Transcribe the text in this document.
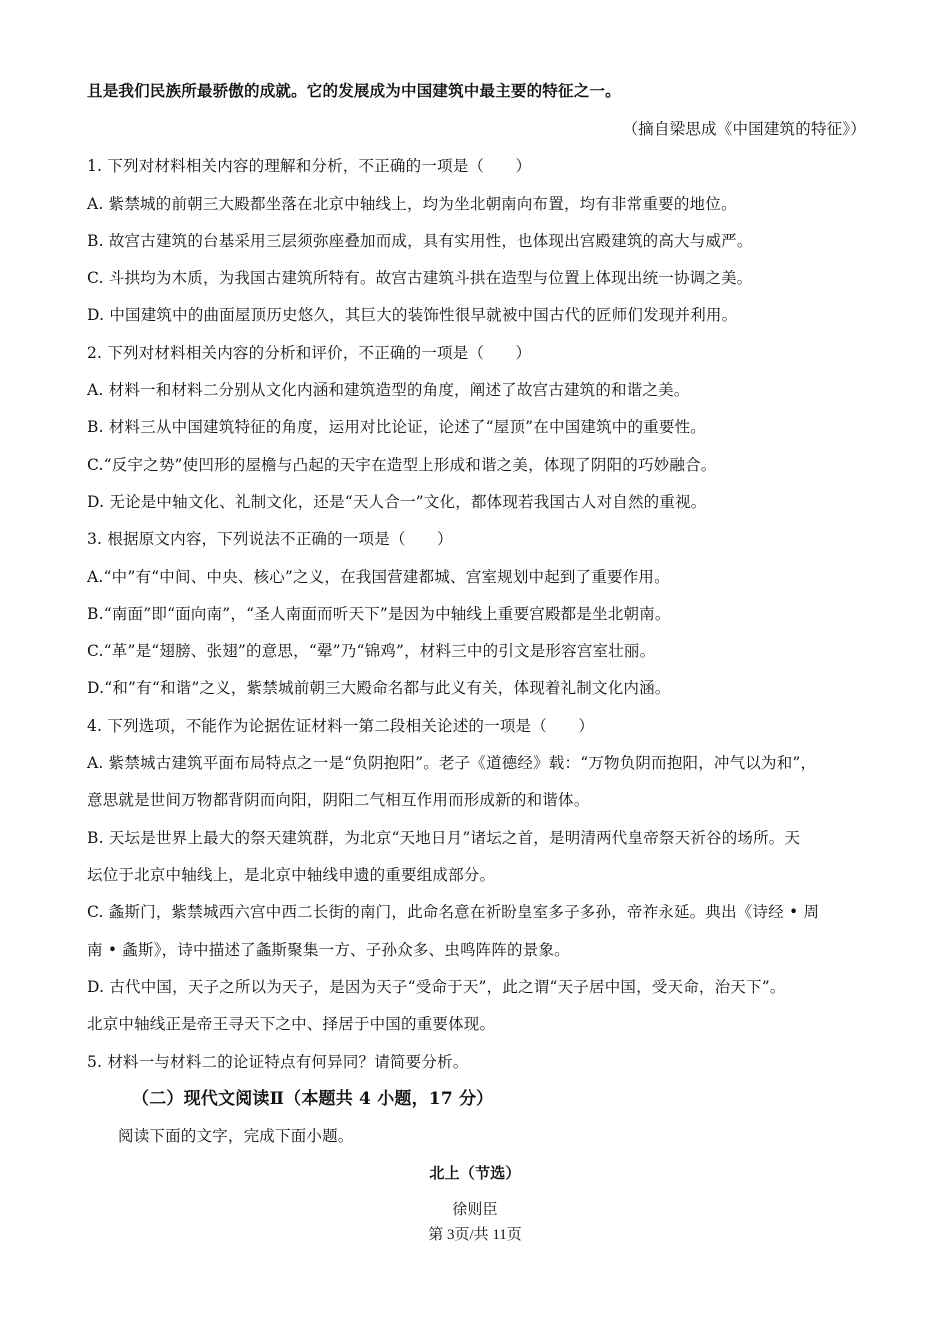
且是我们民族所最骄傲的成就。它的发展成为中国建筑中最主要的特征之一。
（摘自梁思成《中国建筑的特征》）
1. 下列对材料相关内容的理解和分析，不正确的一项是（　　）
A. 紫禁城的前朝三大殿都坐落在北京中轴线上，均为坐北朝南向布置，均有非常重要的地位。
B. 故宫古建筑的台基采用三层须弥座叠加而成，具有实用性，也体现出宫殿建筑的高大与威严。
C. 斗拱均为木质，为我国古建筑所特有。故宫古建筑斗拱在造型与位置上体现出统一协调之美。
D. 中国建筑中的曲面屋顶历史悠久，其巨大的装饰性很早就被中国古代的匠师们发现并利用。
2. 下列对材料相关内容的分析和评价，不正确的一项是（　　）
A. 材料一和材料二分别从文化内涵和建筑造型的角度，阐述了故宫古建筑的和谐之美。
B. 材料三从中国建筑特征的角度，运用对比论证，论述了“屋顶”在中国建筑中的重要性。
C.“反宇之势”使凹形的屋檐与凸起的天宇在造型上形成和谐之美，体现了阴阳的巧妙融合。
D. 无论是中轴文化、礼制文化，还是“天人合一”文化，都体现若我国古人对自然的重视。
3. 根据原文内容，下列说法不正确的一项是（　　）
A.“中”有“中间、中央、核心”之义，在我国营建都城、宫室规划中起到了重要作用。
B.“南面”即“面向南”，“圣人南面而听天下”是因为中轴线上重要宫殿都是坐北朝南。
C.“革”是“翅膀、张翅”的意思，“翚”乃“锦鸡”，材料三中的引文是形容宫室壮丽。
D.“和”有“和谐”之义，紫禁城前朝三大殿命名都与此义有关，体现着礼制文化内涵。
4. 下列选项，不能作为论据佐证材料一第二段相关论述的一项是（　　）
A. 紫禁城古建筑平面布局特点之一是“负阴抱阳”。老子《道德经》载：“万物负阴而抱阳，冲气以为和”，
意思就是世间万物都背阴而向阳，阴阳二气相互作用而形成新的和谐体。
B. 天坛是世界上最大的祭天建筑群，为北京“天地日月”诸坛之首，是明清两代皇帝祭天祈谷的场所。天
坛位于北京中轴线上，是北京中轴线申遗的重要组成部分。
C. 螽斯门，紫禁城西六宫中西二长街的南门，此命名意在祈盼皇室多子多孙，帝祚永延。典出《诗经 • 周
南 • 螽斯》，诗中描述了螽斯聚集一方、子孙众多、虫鸣阵阵的景象。
D. 古代中国，天子之所以为天子，是因为天子“受命于天”，此之谓“天子居中国，受天命，治天下”。
北京中轴线正是帝王寻天下之中、择居于中国的重要体现。
5. 材料一与材料二的论证特点有何异同？请简要分析。
（二）现代文阅读Ⅱ（本题共 4 小题，17 分）
阅读下面的文字，完成下面小题。
北上（节选）
徐则臣
第 3页/共 11页
